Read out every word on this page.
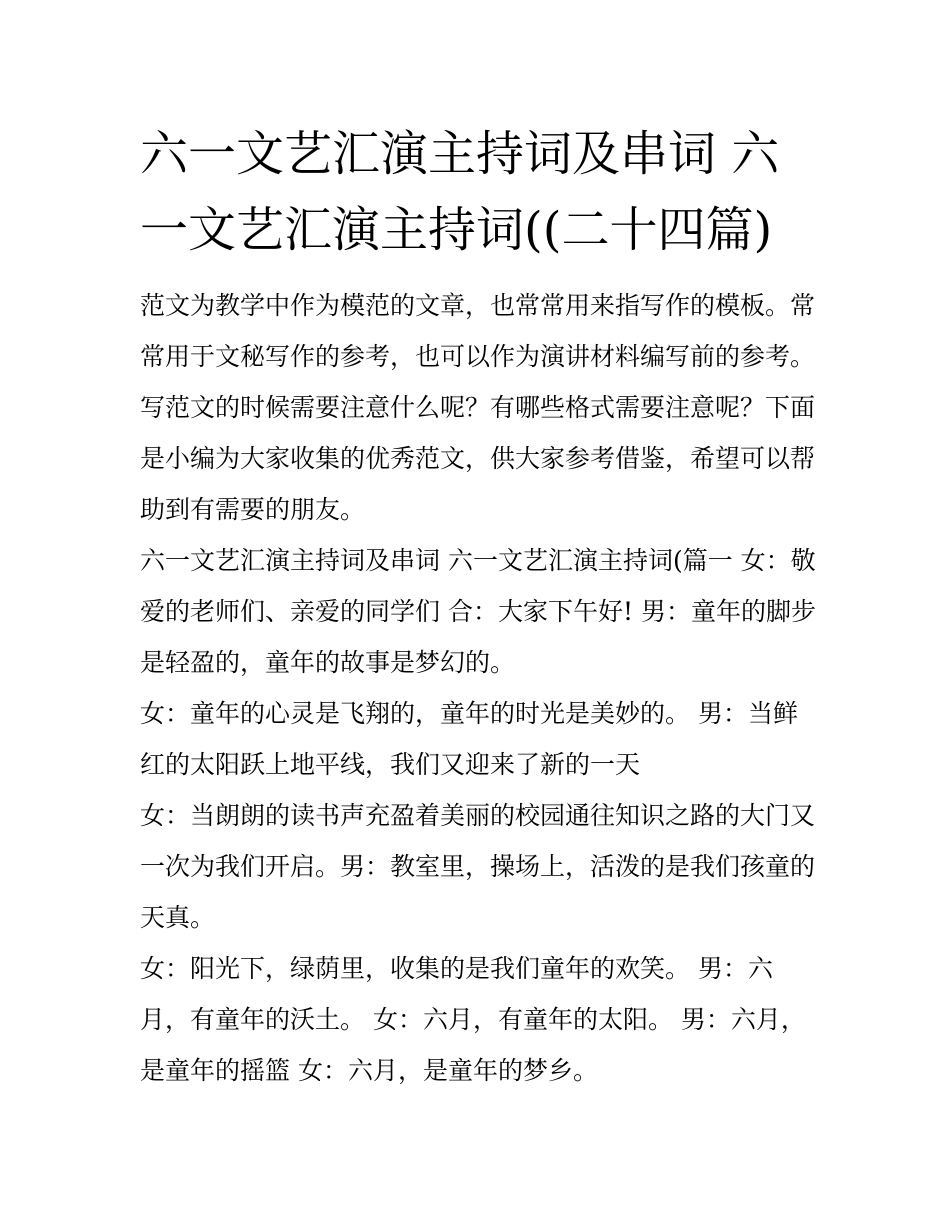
六一文艺汇演主持词及串词 六
一文艺汇演主持词((二十四篇)

范文为教学中作为模范的文章，也常常用来指写作的模板。常
常用于文秘写作的参考，也可以作为演讲材料编写前的参考。
写范文的时候需要注意什么呢？有哪些格式需要注意呢？下面
是小编为大家收集的优秀范文，供大家参考借鉴，希望可以帮
助到有需要的朋友。

六一文艺汇演主持词及串词 六一文艺汇演主持词(篇一 女：敬
爱的老师们、亲爱的同学们 合：大家下午好! 男：童年的脚步
是轻盈的，童年的故事是梦幻的。

女：童年的心灵是飞翔的，童年的时光是美妙的。 男：当鲜
红的太阳跃上地平线，我们又迎来了新的一天

女：当朗朗的读书声充盈着美丽的校园通往知识之路的大门又
一次为我们开启。男：教室里，操场上，活泼的是我们孩童的
天真。

女：阳光下，绿荫里，收集的是我们童年的欢笑。 男：六
月，有童年的沃土。 女：六月，有童年的太阳。 男：六月，
是童年的摇篮 女：六月，是童年的梦乡。
